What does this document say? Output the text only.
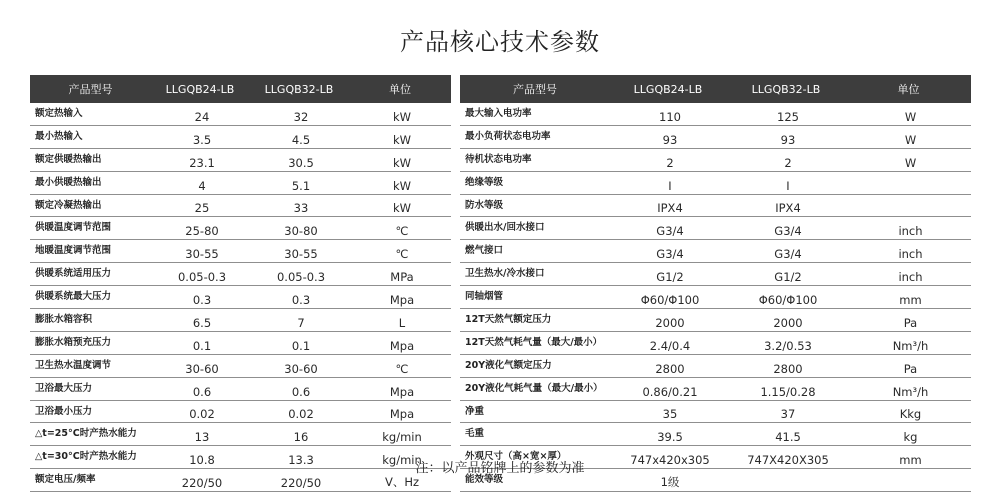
产品核心技术参数
产品型号	LLGQB24-LB	LLGQB32-LB	单位
额定热输入	24	32	kW
最小热输入	3.5	4.5	kW
额定供暖热输出	23.1	30.5	kW
最小供暖热输出	4	5.1	kW
额定冷凝热输出	25	33	kW
供暖温度调节范围	25-80	30-80	℃
地暖温度调节范围	30-55	30-55	℃
供暖系统适用压力	0.05-0.3	0.05-0.3	MPa
供暖系统最大压力	0.3	0.3	Mpa
膨胀水箱容积	6.5	7	L
膨胀水箱预充压力	0.1	0.1	Mpa
卫生热水温度调节	30-60	30-60	℃
卫浴最大压力	0.6	0.6	Mpa
卫浴最小压力	0.02	0.02	Mpa
△t=25°C时产热水能力	13	16	kg/min
△t=30°C时产热水能力	10.8	13.3	kg/min
额定电压/频率	220/50	220/50	V、Hz
产品型号	LLGQB24-LB	LLGQB32-LB	单位
最大输入电功率	110	125	W
最小负荷状态电功率	93	93	W
待机状态电功率	2	2	W
绝缘等级	I	I	
防水等级	IPX4	IPX4	
供暖出水/回水接口	G3/4	G3/4	inch
燃气接口	G3/4	G3/4	inch
卫生热水/冷水接口	G1/2	G1/2	inch
同轴烟管	Φ60/Φ100	Φ60/Φ100	mm
12T天然气额定压力	2000	2000	Pa
12T天然气耗气量（最大/最小）	2.4/0.4	3.2/0.53	Nm³/h
20Y液化气额定压力	2800	2800	Pa
20Y液化气耗气量（最大/最小）	0.86/0.21	1.15/0.28	Nm³/h
净重	35	37	Kkg
毛重	39.5	41.5	kg
外观尺寸（高×宽×厚）	747x420x305	747X420X305	mm
能效等级	1级		
注：以产品铭牌上的参数为准
